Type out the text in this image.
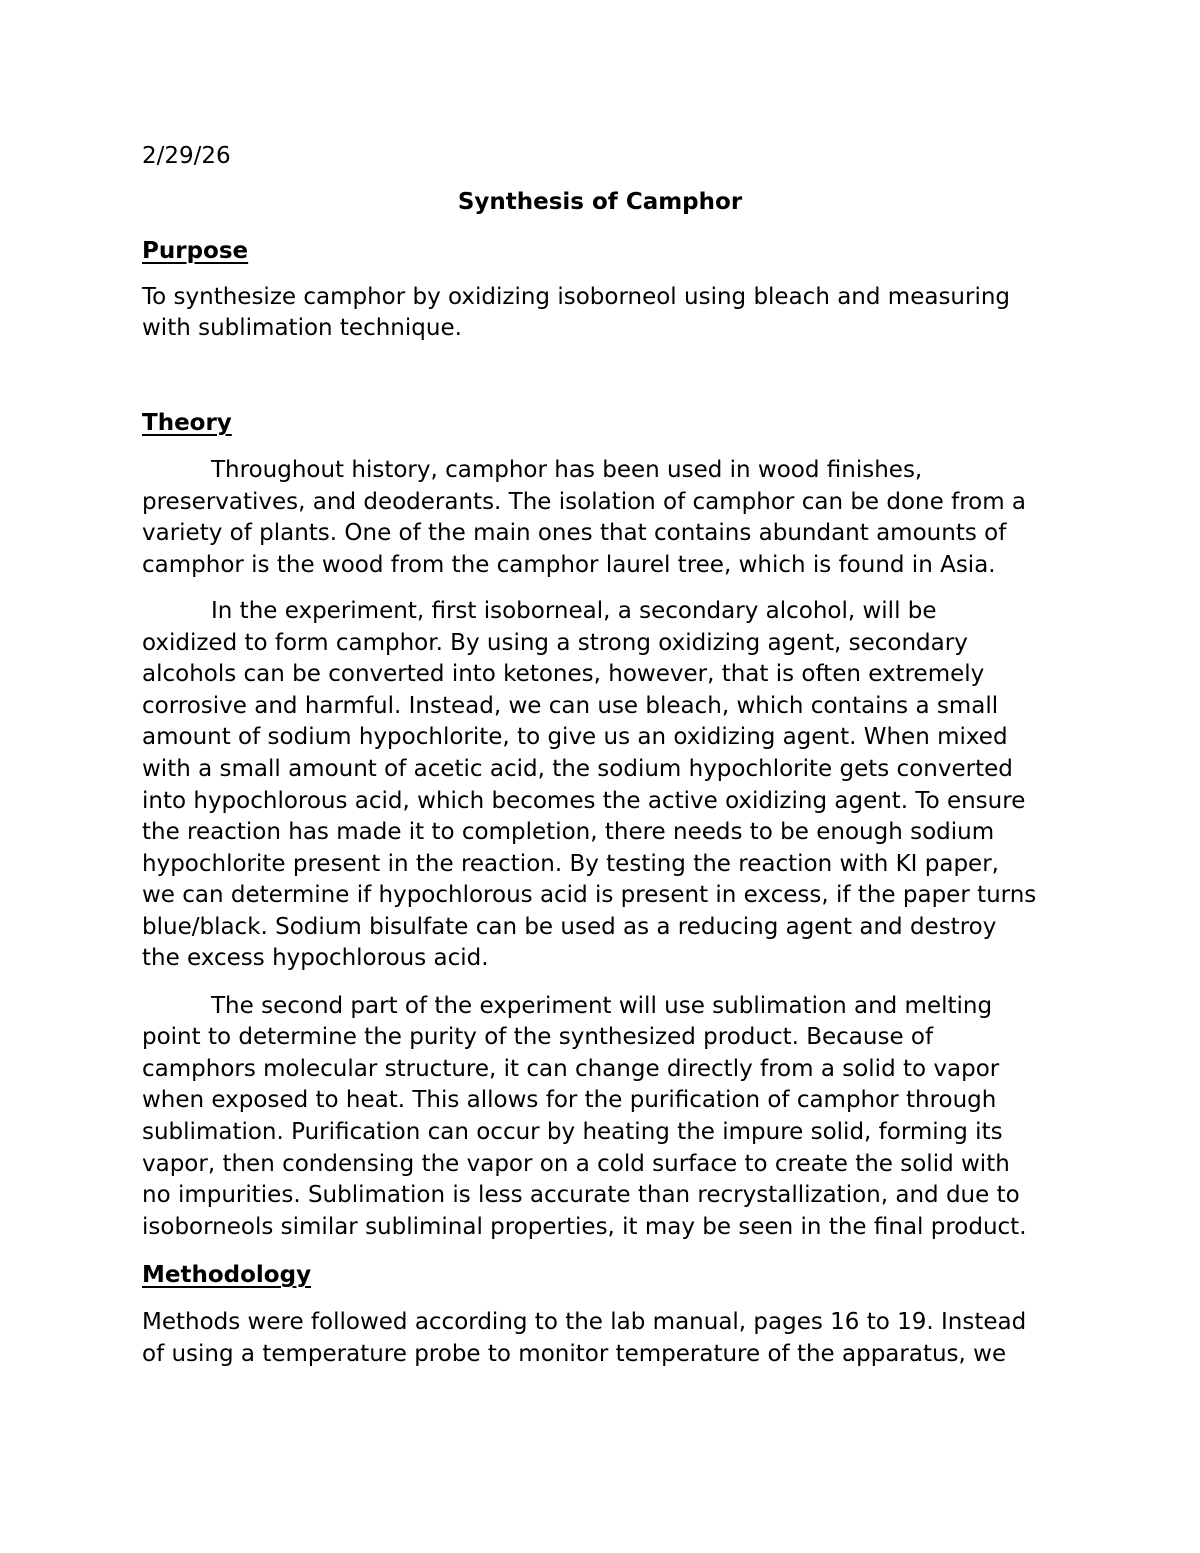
2/29/26
Synthesis of Camphor
Purpose
To synthesize camphor by oxidizing isoborneol using bleach and measuring
with sublimation technique.
Theory
Throughout history, camphor has been used in wood finishes,
preservatives, and deoderants. The isolation of camphor can be done from a
variety of plants. One of the main ones that contains abundant amounts of
camphor is the wood from the camphor laurel tree, which is found in Asia.
In the experiment, first isoborneal, a secondary alcohol, will be
oxidized to form camphor. By using a strong oxidizing agent, secondary
alcohols can be converted into ketones, however, that is often extremely
corrosive and harmful. Instead, we can use bleach, which contains a small
amount of sodium hypochlorite, to give us an oxidizing agent. When mixed
with a small amount of acetic acid, the sodium hypochlorite gets converted
into hypochlorous acid, which becomes the active oxidizing agent. To ensure
the reaction has made it to completion, there needs to be enough sodium
hypochlorite present in the reaction. By testing the reaction with KI paper,
we can determine if hypochlorous acid is present in excess, if the paper turns
blue/black. Sodium bisulfate can be used as a reducing agent and destroy
the excess hypochlorous acid.
The second part of the experiment will use sublimation and melting
point to determine the purity of the synthesized product. Because of
camphors molecular structure, it can change directly from a solid to vapor
when exposed to heat. This allows for the purification of camphor through
sublimation. Purification can occur by heating the impure solid, forming its
vapor, then condensing the vapor on a cold surface to create the solid with
no impurities. Sublimation is less accurate than recrystallization, and due to
isoborneols similar subliminal properties, it may be seen in the final product.
Methodology
Methods were followed according to the lab manual, pages 16 to 19. Instead
of using a temperature probe to monitor temperature of the apparatus, we
